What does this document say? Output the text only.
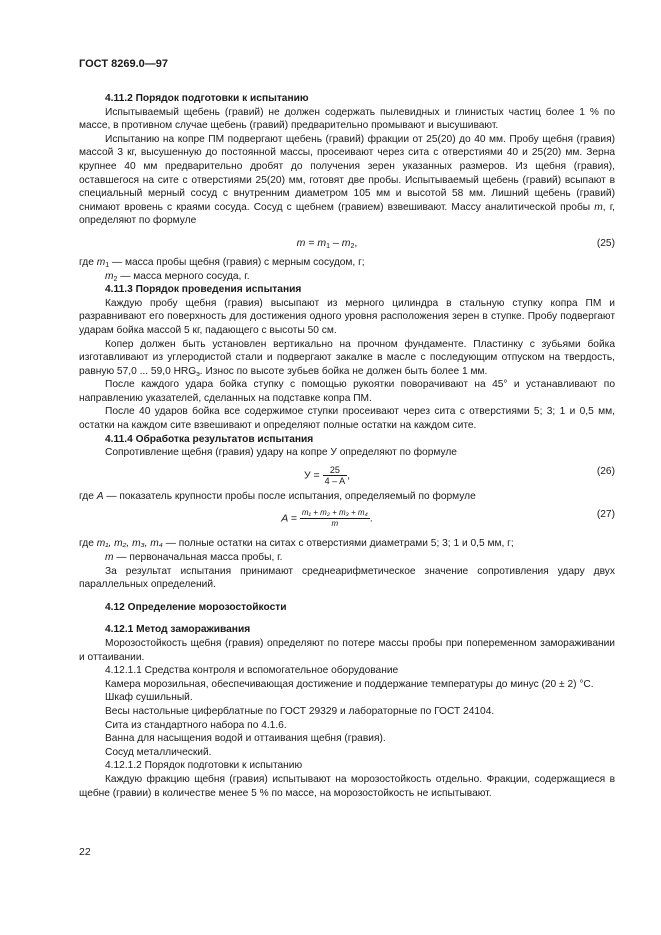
ГОСТ 8269.0—97

4.11.2 Порядок подготовки к испытанию

Испытываемый щебень (гравий) не должен содержать пылевидных и глинистых частиц более 1 % по массе, в противном случае щебень (гравий) предварительно промывают и высушивают.

Испытанию на копре ПМ подвергают щебень (гравий) фракции от 25(20) до 40 мм. Пробу щебня (гравия) массой 3 кг, высушенную до постоянной массы, просеивают через сита с отверстиями 40 и 25(20) мм. Зерна крупнее 40 мм предварительно дробят до получения зерен указанных размеров. Из щебня (гравия), оставшегося на сите с отверстиями 25(20) мм, готовят две пробы. Испытываемый щебень (гравий) всыпают в специальный мерный сосуд с внутренним диаметром 105 мм и высотой 58 мм. Лишний щебень (гравий) снимают вровень с краями сосуда. Сосуд с щебнем (гравием) взвешивают. Массу аналитической пробы m, г, определяют по формуле

$m = m_1 - m_2$,	(25)

где $m_1$ — масса пробы щебня (гравия) с мерным сосудом, г;

$m_2$ — масса мерного сосуда, г.

4.11.3 Порядок проведения испытания

Каждую пробу щебня (гравия) высыпают из мерного цилиндра в стальную ступку копра ПМ и разравнивают его поверхность для достижения одного уровня расположения зерен в ступке. Пробу подвергают ударам бойка массой 5 кг, падающего с высоты 50 см.

Копер должен быть установлен вертикально на прочном фундаменте. Пластинку с зубьями бойка изготавливают из углеродистой стали и подвергают закалке в масле с последующим отпуском на твердость, равную 57,0 ... 59,0 $HRG_э$. Износ по высоте зубьев бойка не должен быть более 1 мм.

После каждого удара бойка ступку с помощью рукоятки поворачивают на 45° и устанавливают по направлению указателей, сделанных на подставке копра ПМ.

После 40 ударов бойка все содержимое ступки просеивают через сита с отверстиями 5; 3; 1 и 0,5 мм, остатки на каждом сите взвешивают и определяют полные остатки на каждом сите.

4.11.4 Обработка результатов испытания

Сопротивление щебня (гравия) удару на копре У определяют по формуле

$У = \frac{25}{4 - A}$ ,	(26)

где A — показатель крупности пробы после испытания, определяемый по формуле

$A = \frac{\text{m₁ + m₂ + m₃ + m₄}}{m}$ .	(27)

где m₁, m₂, m₃, m₄ — полные остатки на ситах с отверстиями диаметрами 5; 3; 1 и 0,5 мм, г;

m — первоначальная масса пробы, г.

За результат испытания принимают среднеарифметическое значение сопротивления удару двух параллельных определений.

4.12 Определение морозостойкости

4.12.1 Метод замораживания

Морозостойкость щебня (гравия) определяют по потере массы пробы при попеременном замораживании и оттаивании.

4.12.1.1 Средства контроля и вспомогательное оборудование

Камера морозильная, обеспечивающая достижение и поддержание температуры до минус (20 ± 2) °С.

Шкаф сушильный.

Весы настольные циферблатные по ГОСТ 29329 и лабораторные по ГОСТ 24104.

Сита из стандартного набора по 4.1.6.

Ванна для насыщения водой и оттаивания щебня (гравия).

Сосуд металлический.

4.12.1.2 Порядок подготовки к испытанию

Каждую фракцию щебня (гравия) испытывают на морозостойкость отдельно. Фракции, содержащиеся в щебне (гравии) в количестве менее 5 % по массе, на морозостойкость не испытывают.

22
